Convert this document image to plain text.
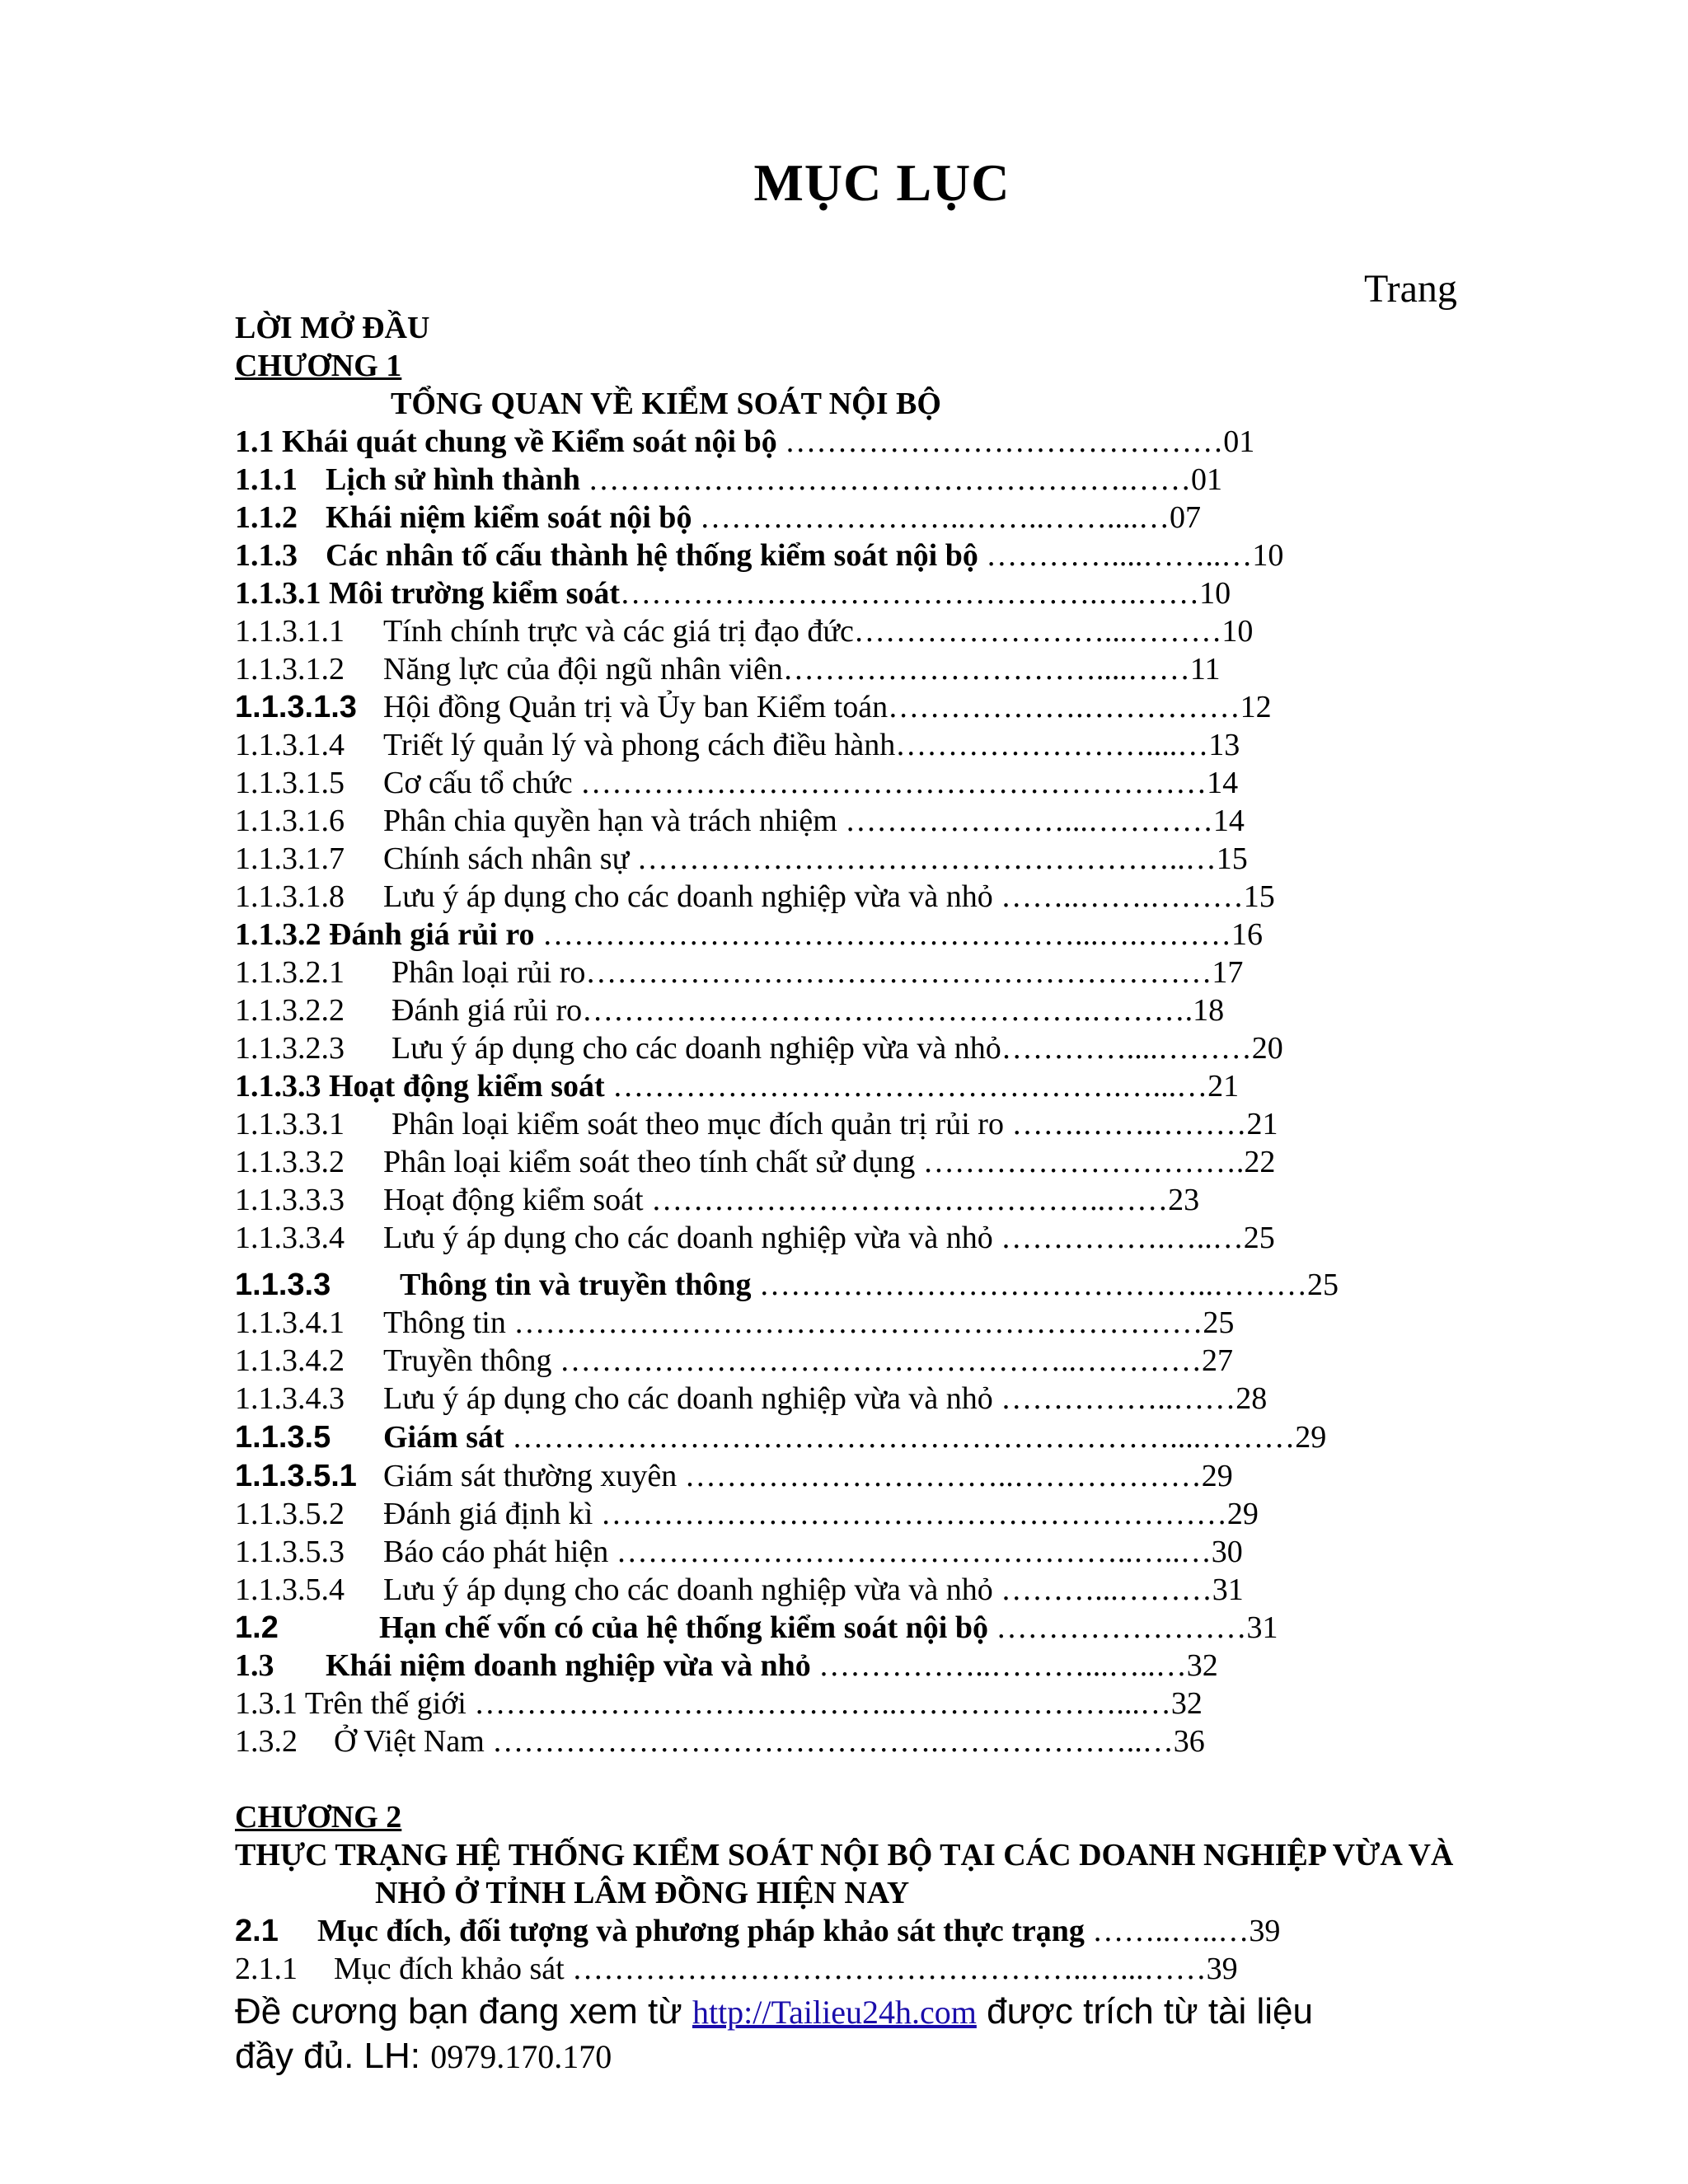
MỤC LỤC
Trang
LỜI MỞ ĐẦU
CHƯƠNG 1
TỔNG QUAN VỀ KIỂM SOÁT NỘI BỘ
1.1 Khái quát chung về Kiểm soát nội bộ ……………………………………01
1.1.1 Lịch sử hình thành …………………………………………….……01
1.1.2 Khái niệm kiểm soát nội bộ ……………………..……..……....…07
1.1.3 Các nhân tố cấu thành hệ thống kiểm soát nội bộ …………....……..…10
1.1.3.1 Môi trường kiểm soát……………………………………….….……10
1.1.3.1.1 Tính chính trực và các giá trị đạo đức……………………...………10
1.1.3.1.2 Năng lực của đội ngũ nhân viên…………………………....……11
1.1.3.1.3 Hội đồng Quản trị và Ủy ban Kiểm toán……………….……………12
1.1.3.1.4 Triết lý quản lý và phong cách điều hành……………………....…13
1.1.3.1.5 Cơ cấu tổ chức ……………………………………………………14
1.1.3.1.6 Phân chia quyền hạn và trách nhiệm …………………...…………14
1.1.3.1.7 Chính sách nhân sự ……………………………………………..…15
1.1.3.1.8 Lưu ý áp dụng cho các doanh nghiệp vừa và nhỏ ……..…….………15
1.1.3.2 Đánh giá rủi ro ……………………………………………...….………16
1.1.3.2.1 Phân loại rủi ro……………………………………………………17
1.1.3.2.2 Đánh giá rủi ro………………………………………….……….18
1.1.3.2.3 Lưu ý áp dụng cho các doanh nghiệp vừa và nhỏ…………....………20
1.1.3.3 Hoạt động kiểm soát ………………………………………….…...…21
1.1.3.3.1 Phân loại kiểm soát theo mục đích quản trị rủi ro …….…….………21
1.1.3.3.2 Phân loại kiểm soát theo tính chất sử dụng ………………………….22
1.1.3.3.3 Hoạt động kiểm soát ……………………………………..……23
1.1.3.3.4 Lưu ý áp dụng cho các doanh nghiệp vừa và nhỏ …………….…..…25
1.1.3.3 Thông tin và truyền thông ……………………………………..………25
1.1.3.4.1 Thông tin …………………………………………………………25
1.1.3.4.2 Truyền thông …………………………………………..…………27
1.1.3.4.3 Lưu ý áp dụng cho các doanh nghiệp vừa và nhỏ ……………..……28
1.1.3.5 Giám sát ………………………………………………………....………29
1.1.3.5.1 Giám sát thường xuyên …………………………..………………29
1.1.3.5.2 Đánh giá định kì ……………………………………………………29
1.1.3.5.3 Báo cáo phát hiện …………………………………………..…..…30
1.1.3.5.4 Lưu ý áp dụng cho các doanh nghiệp vừa và nhỏ ………...………31
1.2	Hạn chế vốn có của hệ thống kiểm soát nội bộ ……………………31
1.3 Khái niệm doanh nghiệp vừa và nhỏ ……………..………...…..…32
1.3.1 Trên thế giới …………………………………..…………………...…32
1.3.2 Ở Việt Nam …………………………………….………………..…36
CHƯƠNG 2
THỰC TRẠNG HỆ THỐNG KIỂM SOÁT NỘI BỘ TẠI CÁC DOANH NGHIỆP VỪA VÀ
NHỎ Ở TỈNH LÂM ĐỒNG HIỆN NAY
2.1 Mục đích, đối tượng và phương pháp khảo sát thực trạng ……..…..…39
2.1.1 Mục đích khảo sát …………………………………………..…...……39
Đề cương bạn đang xem từ http://Tailieu24h.com được trích từ tài liệu
đầy đủ. LH: 0979.170.170
